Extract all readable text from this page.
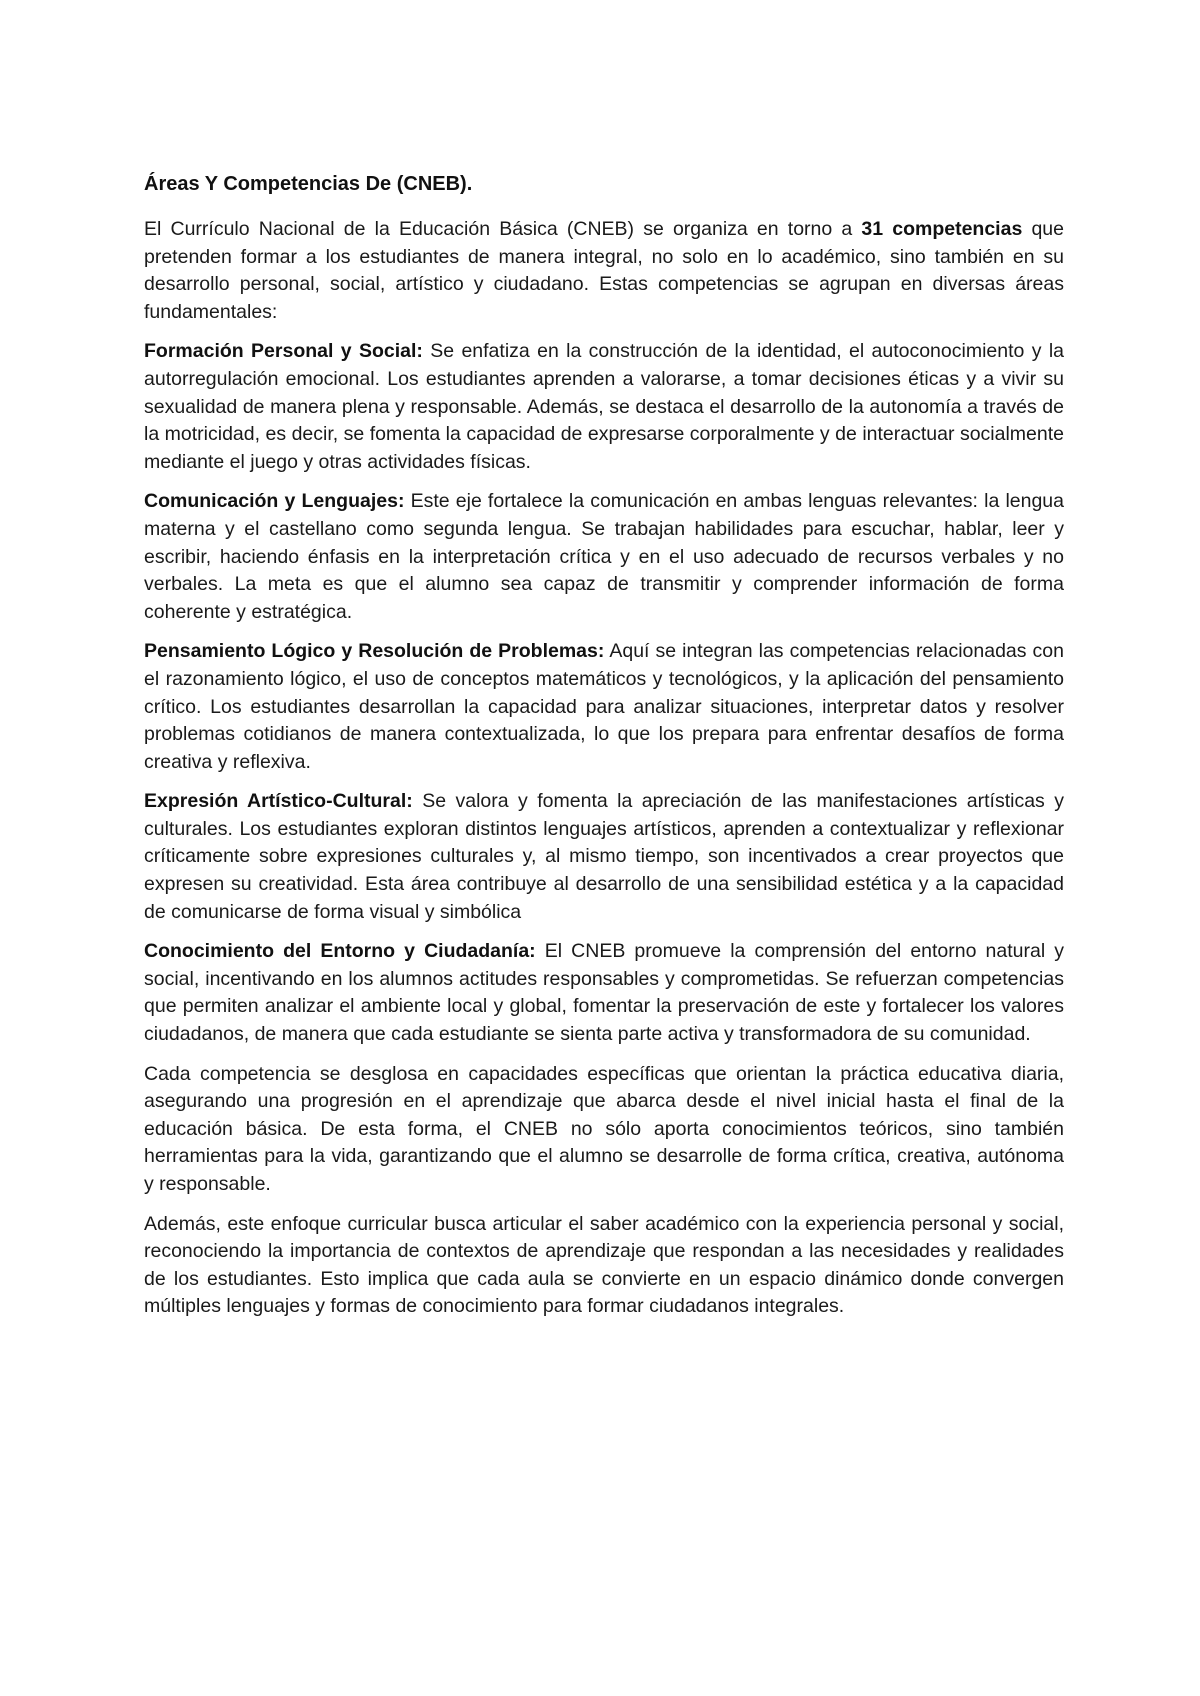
Áreas Y Competencias De (CNEB).

El Currículo Nacional de la Educación Básica (CNEB) se organiza en torno a 31 competencias que pretenden formar a los estudiantes de manera integral, no solo en lo académico, sino también en su desarrollo personal, social, artístico y ciudadano. Estas competencias se agrupan en diversas áreas fundamentales:

Formación Personal y Social: Se enfatiza en la construcción de la identidad, el autoconocimiento y la autorregulación emocional. Los estudiantes aprenden a valorarse, a tomar decisiones éticas y a vivir su sexualidad de manera plena y responsable. Además, se destaca el desarrollo de la autonomía a través de la motricidad, es decir, se fomenta la capacidad de expresarse corporalmente y de interactuar socialmente mediante el juego y otras actividades físicas.

Comunicación y Lenguajes: Este eje fortalece la comunicación en ambas lenguas relevantes: la lengua materna y el castellano como segunda lengua. Se trabajan habilidades para escuchar, hablar, leer y escribir, haciendo énfasis en la interpretación crítica y en el uso adecuado de recursos verbales y no verbales. La meta es que el alumno sea capaz de transmitir y comprender información de forma coherente y estratégica.

Pensamiento Lógico y Resolución de Problemas: Aquí se integran las competencias relacionadas con el razonamiento lógico, el uso de conceptos matemáticos y tecnológicos, y la aplicación del pensamiento crítico. Los estudiantes desarrollan la capacidad para analizar situaciones, interpretar datos y resolver problemas cotidianos de manera contextualizada, lo que los prepara para enfrentar desafíos de forma creativa y reflexiva.

Expresión Artístico-Cultural: Se valora y fomenta la apreciación de las manifestaciones artísticas y culturales. Los estudiantes exploran distintos lenguajes artísticos, aprenden a contextualizar y reflexionar críticamente sobre expresiones culturales y, al mismo tiempo, son incentivados a crear proyectos que expresen su creatividad. Esta área contribuye al desarrollo de una sensibilidad estética y a la capacidad de comunicarse de forma visual y simbólica

Conocimiento del Entorno y Ciudadanía: El CNEB promueve la comprensión del entorno natural y social, incentivando en los alumnos actitudes responsables y comprometidas. Se refuerzan competencias que permiten analizar el ambiente local y global, fomentar la preservación de este y fortalecer los valores ciudadanos, de manera que cada estudiante se sienta parte activa y transformadora de su comunidad.

Cada competencia se desglosa en capacidades específicas que orientan la práctica educativa diaria, asegurando una progresión en el aprendizaje que abarca desde el nivel inicial hasta el final de la educación básica. De esta forma, el CNEB no sólo aporta conocimientos teóricos, sino también herramientas para la vida, garantizando que el alumno se desarrolle de forma crítica, creativa, autónoma y responsable.

Además, este enfoque curricular busca articular el saber académico con la experiencia personal y social, reconociendo la importancia de contextos de aprendizaje que respondan a las necesidades y realidades de los estudiantes. Esto implica que cada aula se convierte en un espacio dinámico donde convergen múltiples lenguajes y formas de conocimiento para formar ciudadanos integrales.
